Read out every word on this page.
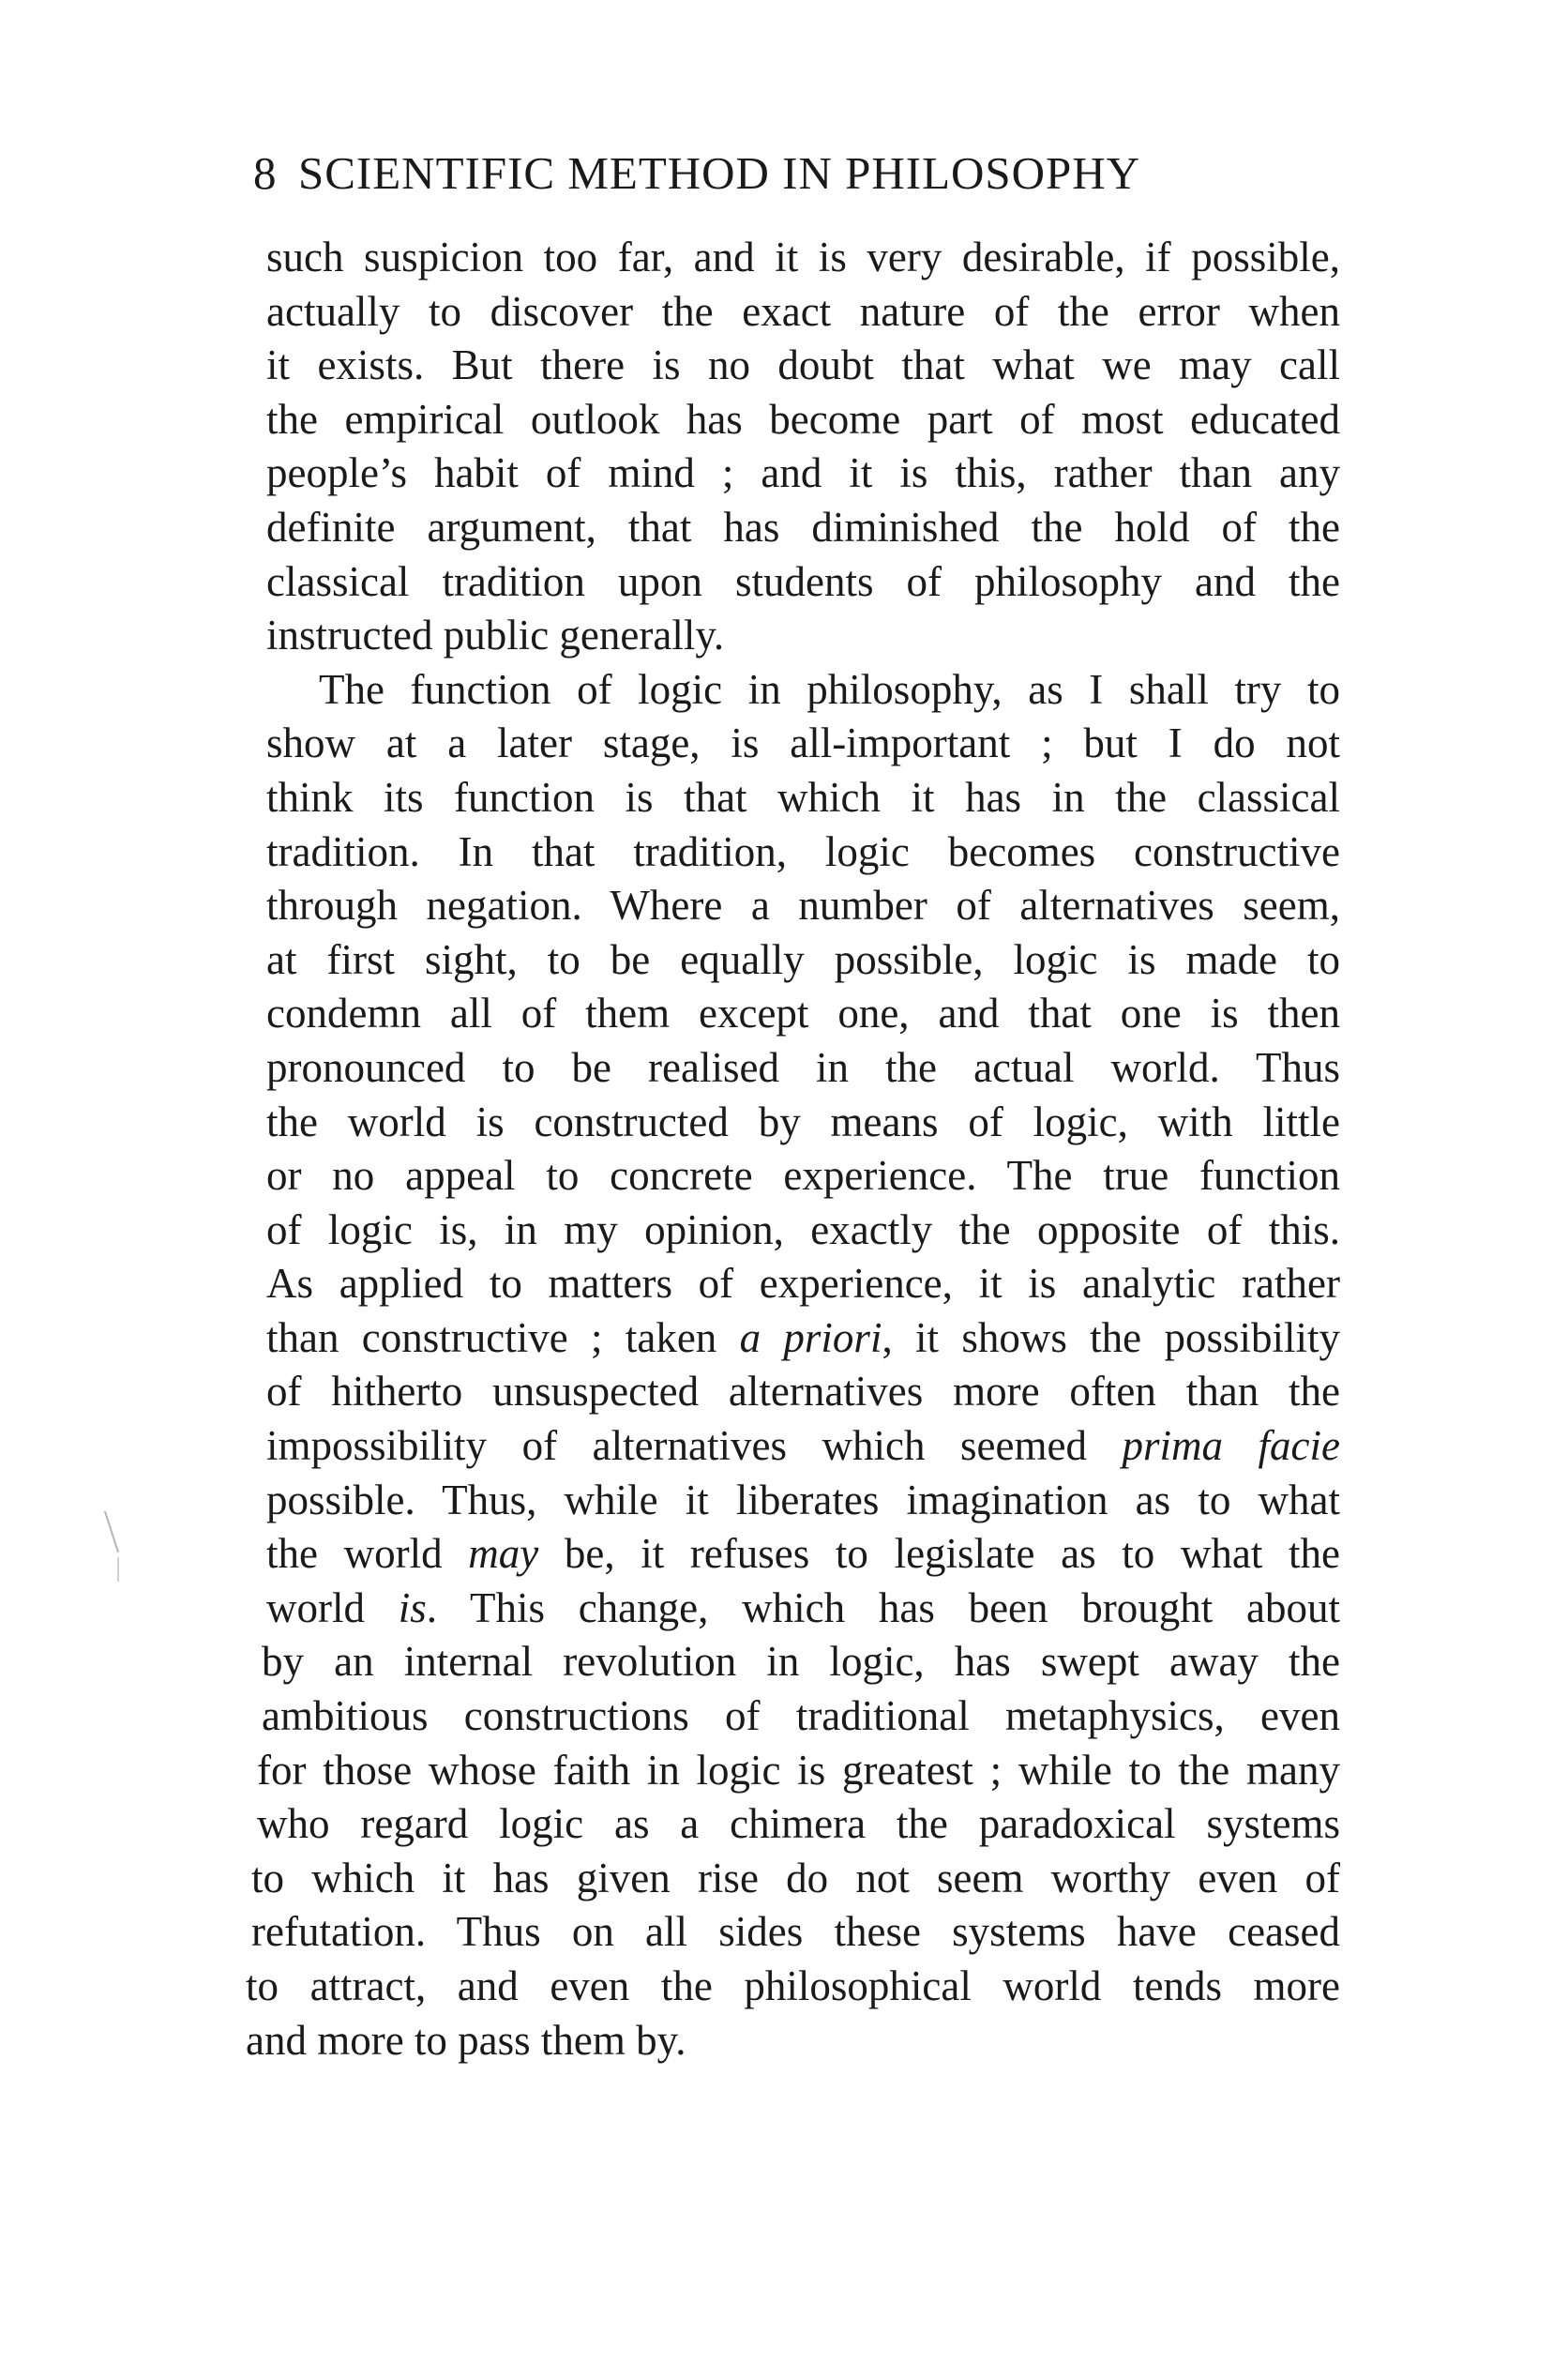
8 SCIENTIFIC METHOD IN PHILOSOPHY
such suspicion too far, and it is very desirable, if possible,
actually to discover the exact nature of the error when
it exists. But there is no doubt that what we may call
the empirical outlook has become part of most educated
people’s habit of mind ; and it is this, rather than any
definite argument, that has diminished the hold of the
classical tradition upon students of philosophy and the
instructed public generally.
The function of logic in philosophy, as I shall try to
show at a later stage, is all-important ; but I do not
think its function is that which it has in the classical
tradition. In that tradition, logic becomes constructive
through negation. Where a number of alternatives seem,
at first sight, to be equally possible, logic is made to
condemn all of them except one, and that one is then
pronounced to be realised in the actual world. Thus
the world is constructed by means of logic, with little
or no appeal to concrete experience. The true function
of logic is, in my opinion, exactly the opposite of this.
As applied to matters of experience, it is analytic rather
than constructive ; taken a priori, it shows the possibility
of hitherto unsuspected alternatives more often than the
impossibility of alternatives which seemed prima facie
possible. Thus, while it liberates imagination as to what
the world may be, it refuses to legislate as to what the
world is. This change, which has been brought about
by an internal revolution in logic, has swept away the
ambitious constructions of traditional metaphysics, even
for those whose faith in logic is greatest ; while to the many
who regard logic as a chimera the paradoxical systems
to which it has given rise do not seem worthy even of
refutation. Thus on all sides these systems have ceased
to attract, and even the philosophical world tends more
and more to pass them by.
